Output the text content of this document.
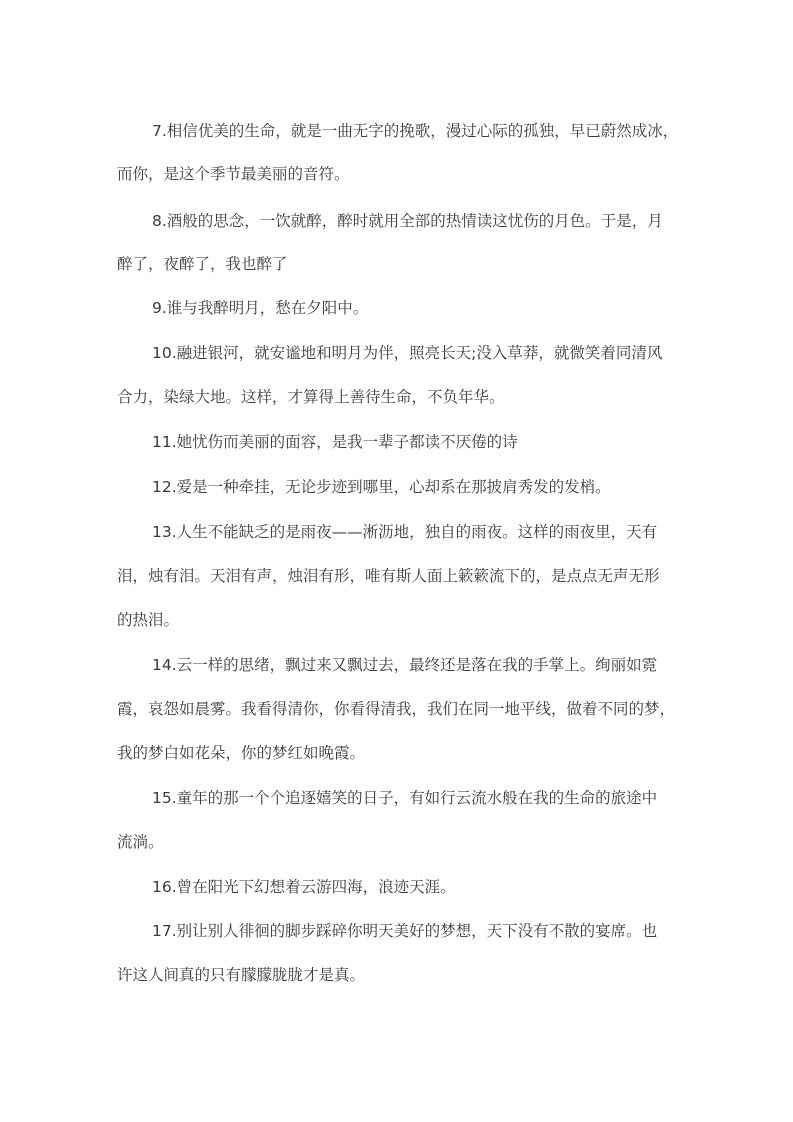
7.相信优美的生命，就是一曲无字的挽歌，漫过心际的孤独，早已蔚然成冰，
而你，是这个季节最美丽的音符。
8.酒般的思念，一饮就醉，醉时就用全部的热情读这忧伤的月色。于是，月
醉了，夜醉了，我也醉了
9.谁与我醉明月，愁在夕阳中。
10.融进银河，就安谧地和明月为伴，照亮长天;没入草莽，就微笑着同清风
合力，染绿大地。这样，才算得上善待生命，不负年华。
11.她忧伤而美丽的面容，是我一辈子都读不厌倦的诗
12.爱是一种牵挂，无论步迹到哪里，心却系在那披肩秀发的发梢。
13.人生不能缺乏的是雨夜——淅沥地，独自的雨夜。这样的雨夜里，天有
泪，烛有泪。天泪有声，烛泪有形，唯有斯人面上簌簌流下的，是点点无声无形
的热泪。
14.云一样的思绪，飘过来又飘过去，最终还是落在我的手掌上。绚丽如霓
霞，哀怨如晨雾。我看得清你，你看得清我，我们在同一地平线，做着不同的梦，
我的梦白如花朵，你的梦红如晚霞。
15.童年的那一个个追逐嬉笑的日子，有如行云流水般在我的生命的旅途中
流淌。
16.曾在阳光下幻想着云游四海，浪迹天涯。
17.别让别人徘徊的脚步踩碎你明天美好的梦想，天下没有不散的宴席。也
许这人间真的只有朦朦胧胧才是真。
